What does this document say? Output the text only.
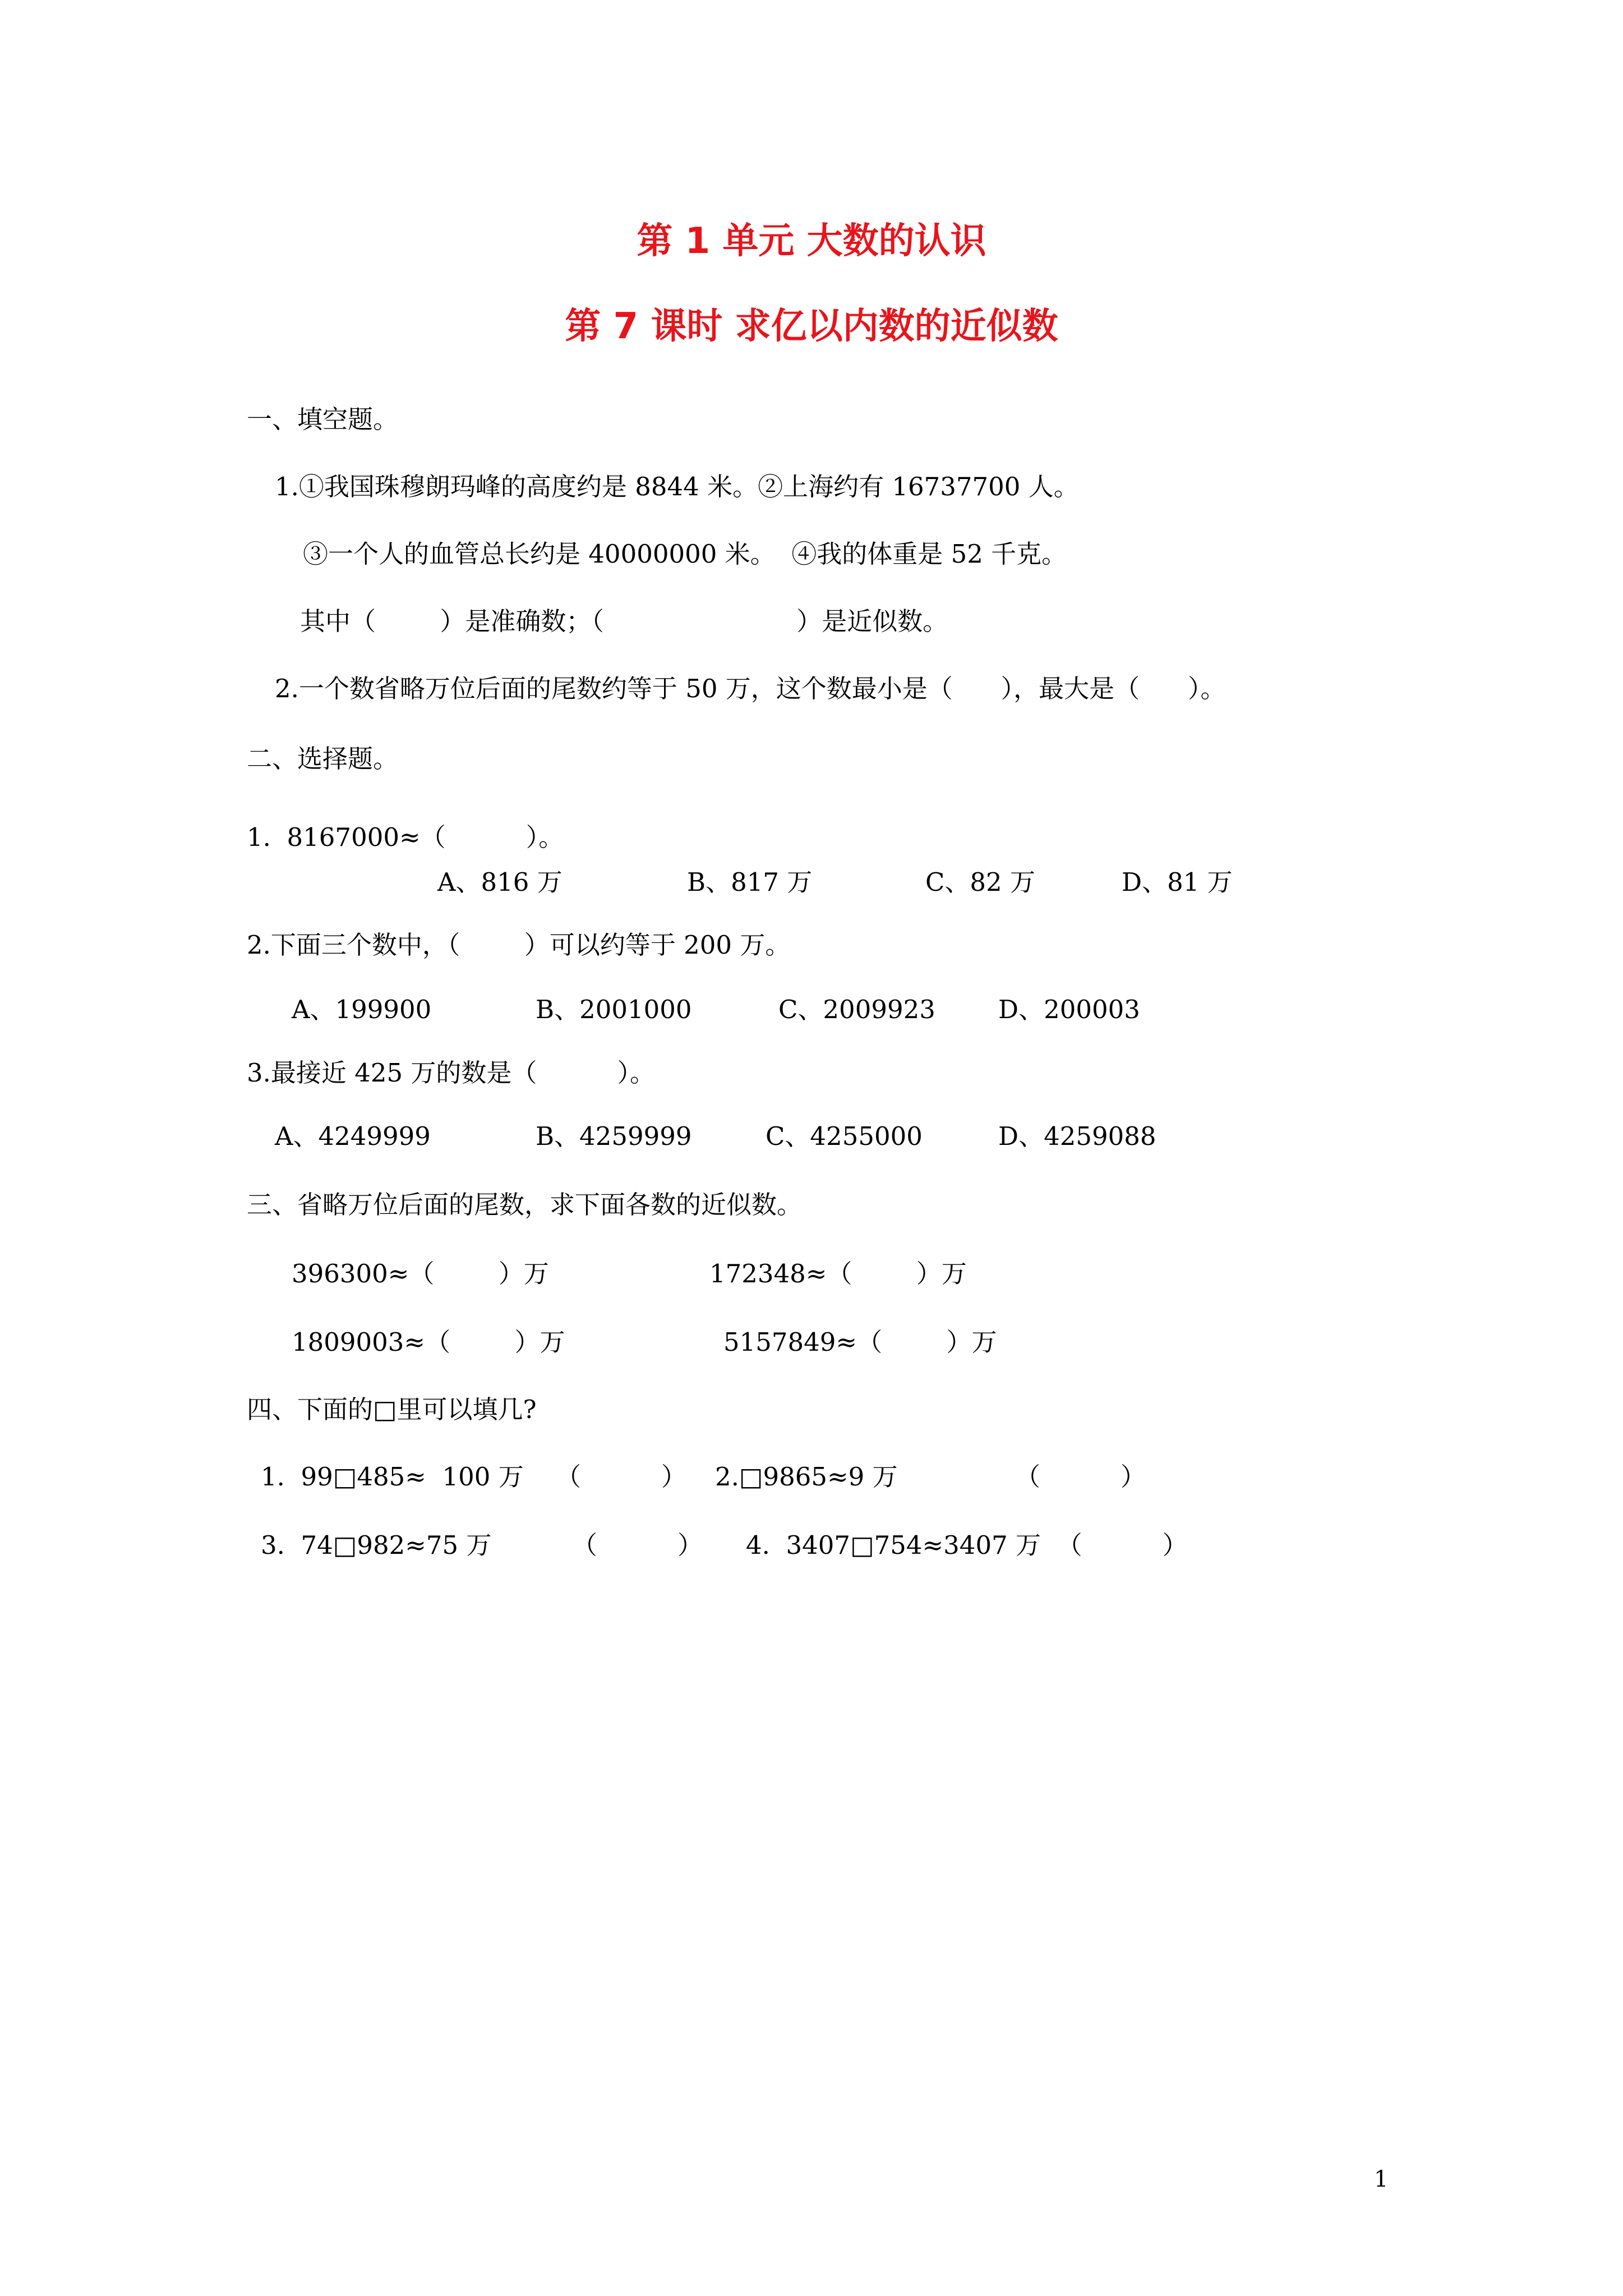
第 1 单元 大数的认识
第 7 课时 求亿以内数的近似数
一、填空题。
1.①我国珠穆朗玛峰的高度约是 8844 米。②上海约有 16737700 人。
③一个人的血管总长约是 40000000 米。  ④我的体重是 52 千克。
其中（        ）是准确数；（                        ）是近似数。
2.一个数省略万位后面的尾数约等于 50 万，这个数最小是（      ），最大是（      ）。
二、选择题。
1.  8167000≈（          ）。
A、816 万	B、817 万	C、82 万	D、81 万
2.下面三个数中，（        ）可以约等于 200 万。
A、199900	B、2001000	C、2009923 D、200003
3.最接近 425 万的数是（          ）。
A、4249999	B、4259999	C、4255000	D、4259088
三、省略万位后面的尾数，求下面各数的近似数。
396300≈（        ）万	172348≈（        ）万
1809003≈（        ）万	5157849≈（        ）万
四、下面的□里可以填几?
1.  99□485≈  100 万    （          ） 2.□9865≈9 万	（          ）
3.  74□982≈75 万	（          ） 4.  3407□754≈3407 万  （          ）
1
